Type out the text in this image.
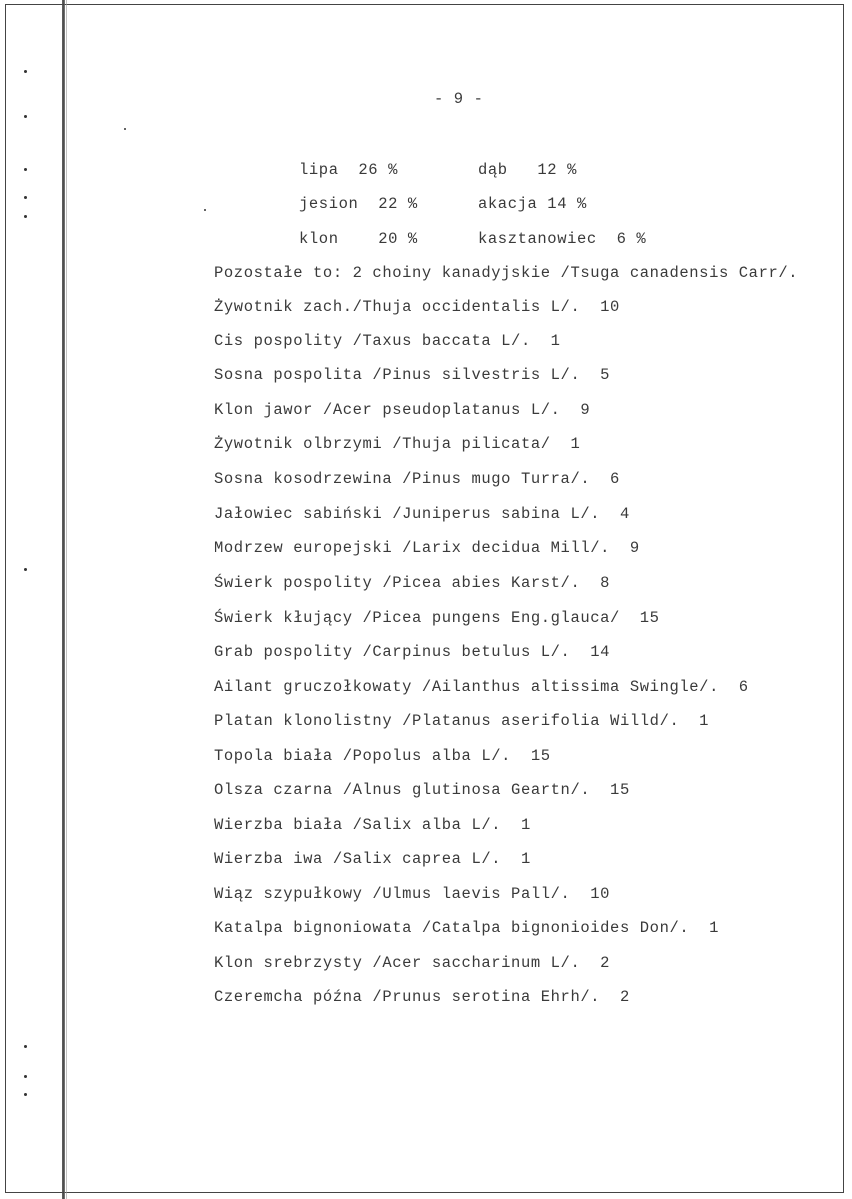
- 9 -
lipa  26 %	dąb   12 %
jesion  22 %	akacja 14 %
klon    20 %	kasztanowiec  6 %
Pozostałe to: 2 choiny kanadyjskie /Tsuga canadensis Carr/.
Żywotnik zach./Thuja occidentalis L/.  10
Cis pospolity /Taxus baccata L/.  1
Sosna pospolita /Pinus silvestris L/.  5
Klon jawor /Acer pseudoplatanus L/.  9
Żywotnik olbrzymi /Thuja pilicata/  1
Sosna kosodrzewina /Pinus mugo Turra/.  6
Jałowiec sabiński /Juniperus sabina L/.  4
Modrzew europejski /Larix decidua Mill/.  9
Świerk pospolity /Picea abies Karst/.  8
Świerk kłujący /Picea pungens Eng.glauca/  15
Grab pospolity /Carpinus betulus L/.  14
Ailant gruczołkowaty /Ailanthus altissima Swingle/.  6
Platan klonolistny /Platanus aserifolia Willd/.  1
Topola biała /Popolus alba L/.  15
Olsza czarna /Alnus glutinosa Geartn/.  15
Wierzba biała /Salix alba L/.  1
Wierzba iwa /Salix caprea L/.  1
Wiąz szypułkowy /Ulmus laevis Pall/.  10
Katalpa bignoniowata /Catalpa bignonioides Don/.  1
Klon srebrzysty /Acer saccharinum L/.  2
Czeremcha późna /Prunus serotina Ehrh/.  2
